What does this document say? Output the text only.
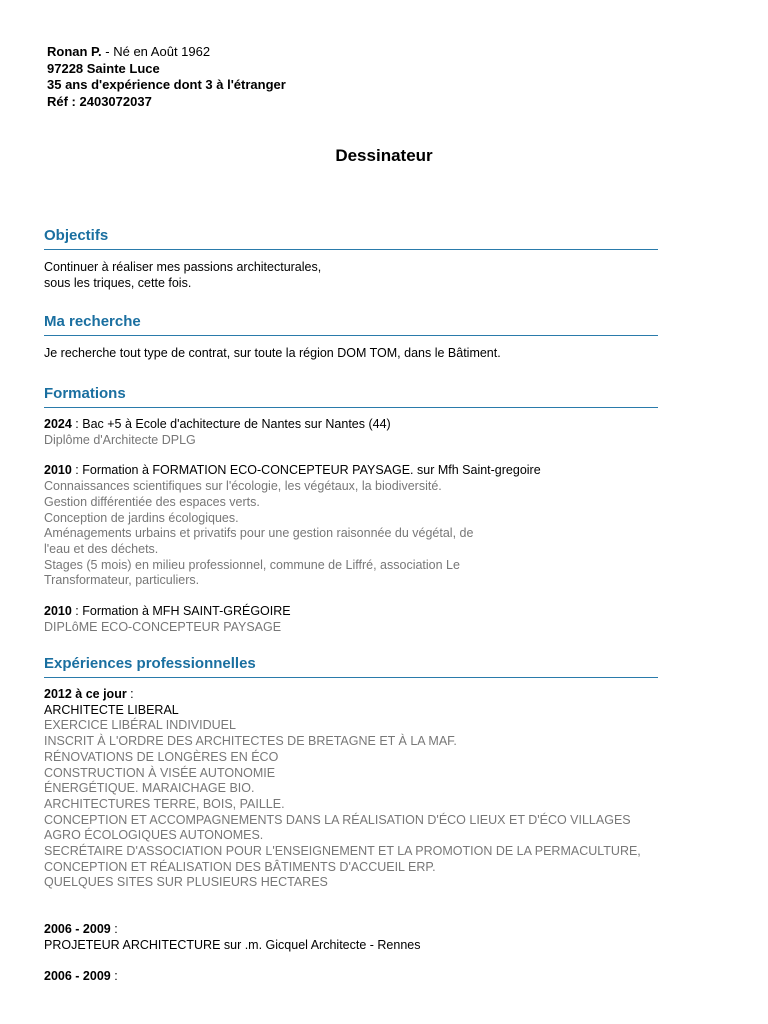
Ronan P. - Né en Août 1962
97228 Sainte Luce
35 ans d'expérience dont 3 à l'étranger
Réf : 2403072037
Dessinateur
Objectifs
Continuer à réaliser mes passions architecturales,
sous les triques, cette fois.
Ma recherche
Je recherche tout type de contrat, sur toute la région DOM TOM, dans le Bâtiment.
Formations
2024 : Bac +5 à Ecole d'achitecture de Nantes sur Nantes (44)
Diplôme d'Architecte DPLG
2010 : Formation à FORMATION ECO-CONCEPTEUR PAYSAGE. sur Mfh Saint-gregoire
Connaissances scientifiques sur l'écologie, les végétaux, la biodiversité.
Gestion différentiée des espaces verts.
Conception de jardins écologiques.
Aménagements urbains et privatifs pour une gestion raisonnée du végétal, de
l'eau et des déchets.
Stages (5 mois) en milieu professionnel, commune de Liffré, association Le
Transformateur, particuliers.
2010 : Formation à MFH SAINT-GRÉGOIRE
DIPLôME ECO-CONCEPTEUR PAYSAGE
Expériences professionnelles
2012 à ce jour :
ARCHITECTE LIBERAL
EXERCICE LIBÉRAL INDIVIDUEL
INSCRIT À L'ORDRE DES ARCHITECTES DE BRETAGNE ET À LA MAF.
RÉNOVATIONS DE LONGÈRES EN ÉCO
CONSTRUCTION À VISÉE AUTONOMIE
ÉNERGÉTIQUE. MARAICHAGE BIO.
ARCHITECTURES TERRE, BOIS, PAILLE.
CONCEPTION ET ACCOMPAGNEMENTS DANS LA RÉALISATION D'ÉCO LIEUX ET D'ÉCO VILLAGES
AGRO ÉCOLOGIQUES AUTONOMES.
SECRÉTAIRE D'ASSOCIATION POUR L'ENSEIGNEMENT ET LA PROMOTION DE LA PERMACULTURE,
CONCEPTION ET RÉALISATION DES BÂTIMENTS D'ACCUEIL ERP.
QUELQUES SITES SUR PLUSIEURS HECTARES
2006 - 2009 :
PROJETEUR ARCHITECTURE sur .m. Gicquel Architecte - Rennes
2006 - 2009 :
